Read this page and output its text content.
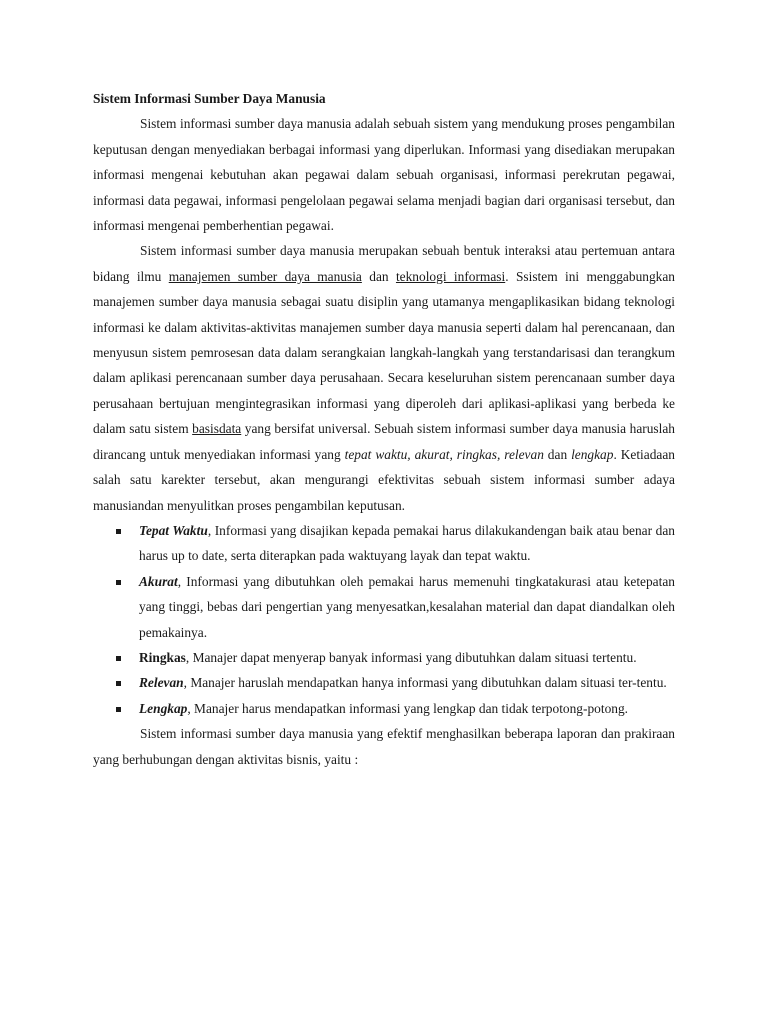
Sistem Informasi Sumber Daya Manusia

Sistem informasi sumber daya manusia adalah sebuah sistem yang mendukung proses pengambilan keputusan dengan menyediakan berbagai informasi yang diperlukan. Informasi yang disediakan merupakan informasi mengenai kebutuhan akan pegawai dalam sebuah organisasi, informasi perekrutan pegawai, informasi data pegawai, informasi pengelolaan pegawai selama menjadi bagian dari organisasi tersebut, dan informasi mengenai pemberhentian pegawai.

Sistem informasi sumber daya manusia merupakan sebuah bentuk interaksi atau pertemuan antara bidang ilmu manajemen sumber daya manusia dan teknologi informasi. Ssistem ini menggabungkan manajemen sumber daya manusia sebagai suatu disiplin yang utamanya mengaplikasikan bidang teknologi informasi ke dalam aktivitas-aktivitas manajemen sumber daya manusia seperti dalam hal perencanaan, dan menyusun sistem pemrosesan data dalam serangkaian langkah-langkah yang terstandarisasi dan terangkum dalam aplikasi perencanaan sumber daya perusahaan. Secara keseluruhan sistem perencanaan sumber daya perusahaan bertujuan mengintegrasikan informasi yang diperoleh dari aplikasi-aplikasi yang berbeda ke dalam satu sistem basisdata yang bersifat universal. Sebuah sistem informasi sumber daya manusia haruslah dirancang untuk menyediakan informasi yang tepat waktu, akurat, ringkas, relevan dan lengkap. Ketiadaan salah satu karekter tersebut, akan mengurangi efektivitas sebuah sistem informasi sumber adaya manusiandan menyulitkan proses pengambilan keputusan.

Tepat Waktu, Informasi yang disajikan kepada pemakai harus dilakukandengan baik atau benar dan harus up to date, serta diterapkan pada waktuyang layak dan tepat waktu.
Akurat, Informasi yang dibutuhkan oleh pemakai harus memenuhi tingkatakurasi atau ketepatan yang tinggi, bebas dari pengertian yang menyesatkan,kesalahan material dan dapat diandalkan oleh pemakainya.
Ringkas, Manajer dapat menyerap banyak informasi yang dibutuhkan dalam situasi tertentu.
Relevan, Manajer haruslah mendapatkan hanya informasi yang dibutuhkan dalam situasi ter-tentu.
Lengkap, Manajer harus mendapatkan informasi yang lengkap dan tidak terpotong-potong.

Sistem informasi sumber daya manusia yang efektif menghasilkan beberapa laporan dan prakiraan yang berhubungan dengan aktivitas bisnis, yaitu :
